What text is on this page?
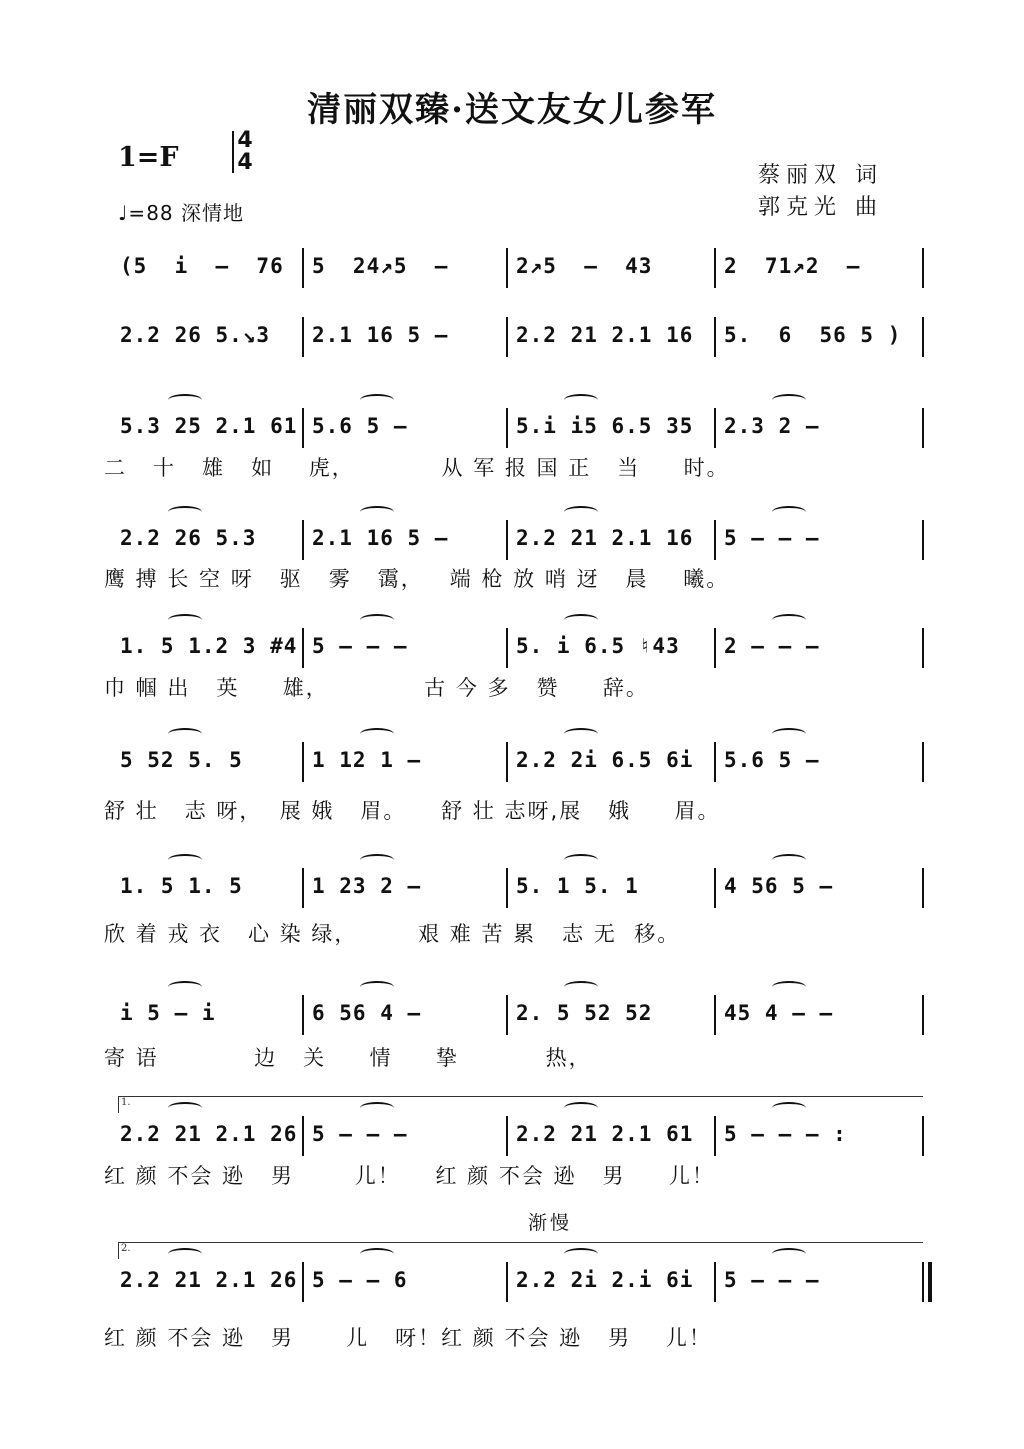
清丽双臻·送文友女儿参军
1=F
4
4
♩=88 深情地
蔡丽双 词
郭克光 曲
渐慢
(5  i  –  76 5  24↗5  –	2↗5  –  43	2  71↗2  –
2.2 26 5.↘3 2.1 16 5 –	2.2 21 2.1 16 5.  6  56 5 )
5.3 25 2.1 61 5.6 5 –	5.i i5 6.5 35 2.3 2 –
二   十   雄   如    虎，          从 军 报 国 正   当     时。
2.2 26 5.3	2.1 16 5 –	2.2 21 2.1 16 5 – – –
鹰 搏 长 空 呀   驱   雾   霭，   端 枪 放 哨 迓   晨    曦。
1. 5 1.2 3 #4 5 – – –	5. i 6.5 ♮43 2 – – –
巾 帼 出   英     雄，           古 今 多   赞     辞。
5 52 5. 5	1 12 1 –	2.2 2i 6.5 6i 5.6 5 –
舒 壮   志 呀，  展 娥   眉。    舒 壮 志呀,展   娥     眉。
1. 5 1. 5	1 23 2 –	5. 1 5. 1	4 56 5 –
欣 着 戎 衣   心 染 绿，       艰 难 苦 累   志 无  移。
i 5 – i	6 56 4 –	2. 5 52 52	45 4 – –
寄 语           边   关     情     挚          热，
2.2 21 2.1 26 5 – – –	2.2 21 2.1 61 5 – – – :
红 颜 不会 逊   男       儿！    红 颜 不会 逊   男     儿！
2.2 21 2.1 26 5 – – 6	2.2 2i 2.i 6i 5 – – –
红 颜 不会 逊   男      儿   呀！红 颜 不会 逊   男    儿！
1.
2.
